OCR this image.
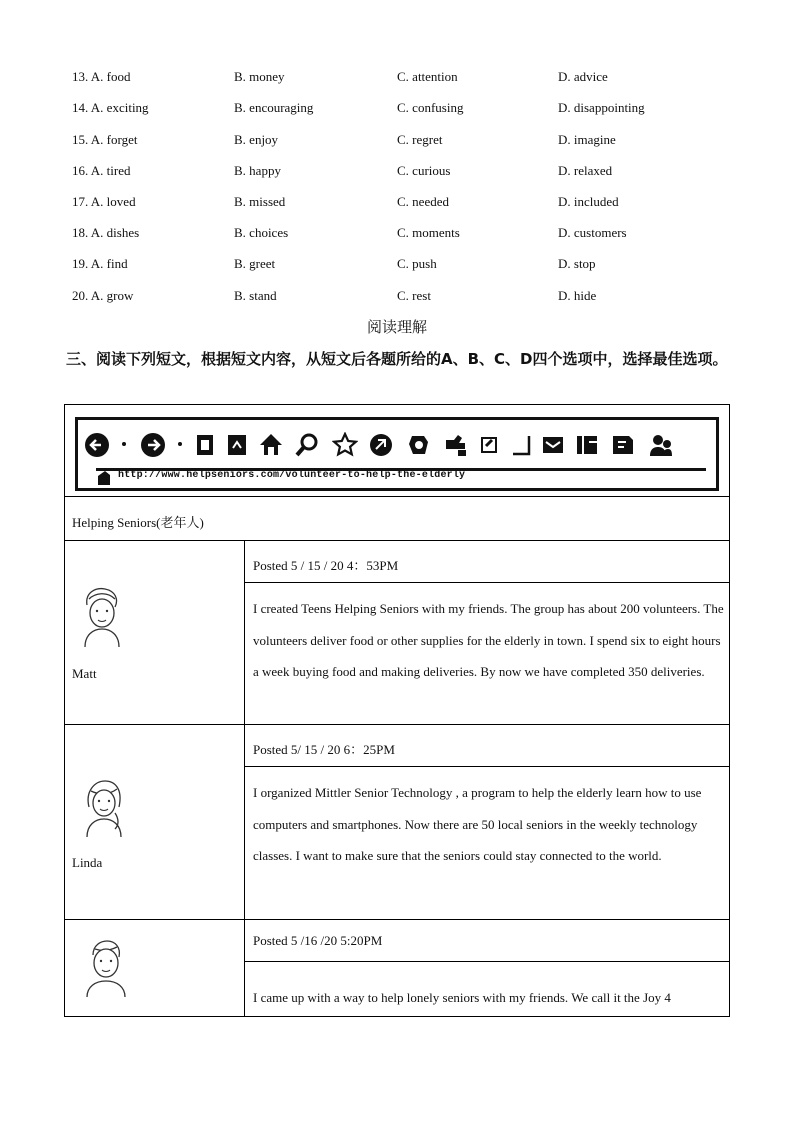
13. A. food	B. money	C. attention	D. advice
14. A. exciting	B. encouraging	C. confusing	D. disappointing
15. A. forget	B. enjoy	C. regret	D. imagine
16. A. tired	B. happy	C. curious	D. relaxed
17. A. loved	B. missed	C. needed	D. included
18. A. dishes	B. choices	C. moments	D. customers
19. A. find	B. greet	C. push	D. stop
20. A. grow	B. stand	C. rest	D. hide
阅读理解
三、阅读下列短文，根据短文内容，从短文后各题所给的A、B、C、D四个选项中，选择最佳选项。
http://www.helpseniors.com/volunteer-to-help-the-elderly
Helping Seniors(老年人)
Matt
Posted 5 / 15 / 20 4：53PM
I created Teens Helping Seniors with my friends. The group has about 200 volunteers. The volunteers deliver food or other supplies for the elderly in town. I spend six to eight hours a week buying food and making deliveries. By now we have completed 350 deliveries.
Linda
Posted 5/ 15 / 20 6：25PM
I organized Mittler Senior Technology , a program to help the elderly learn how to use computers and smartphones. Now there are 50 local seniors in the weekly technology classes. I want to make sure that the seniors could stay connected to the world.
Posted 5 /16 /20 5:20PM
I came up with a way to help lonely seniors with my friends. We call it the Joy 4
